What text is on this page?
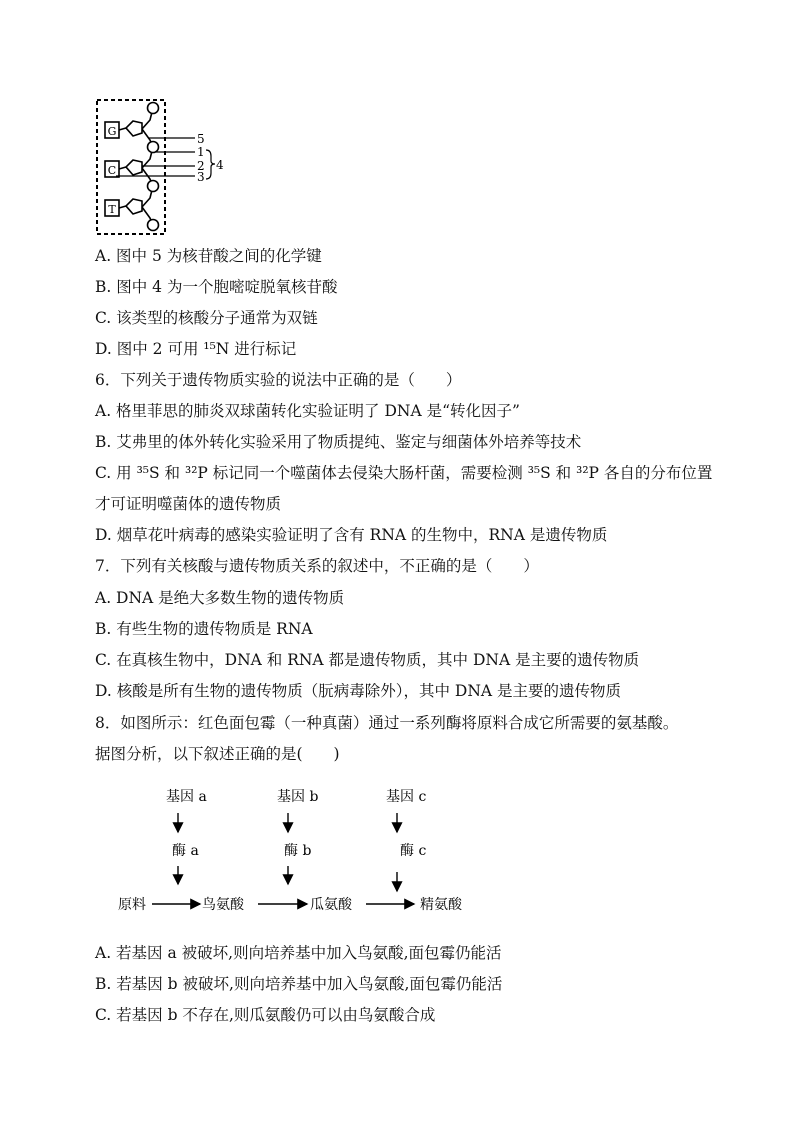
G
C
T
5
1
2
3
4
A. 图中 5 为核苷酸之间的化学键
B. 图中 4 为一个胞嘧啶脱氧核苷酸
C. 该类型的核酸分子通常为双链
D. 图中 2 可用 ¹⁵N 进行标记
6．下列关于遗传物质实验的说法中正确的是（　　）
A. 格里菲思的肺炎双球菌转化实验证明了 DNA 是“转化因子”
B. 艾弗里的体外转化实验采用了物质提纯、鉴定与细菌体外培养等技术
C. 用 ³⁵S 和 ³²P 标记同一个噬菌体去侵染大肠杆菌，需要检测 ³⁵S 和 ³²P 各自的分布位置
才可证明噬菌体的遗传物质
D. 烟草花叶病毒的感染实验证明了含有 RNA 的生物中，RNA 是遗传物质
7．下列有关核酸与遗传物质关系的叙述中，不正确的是（　　）
A. DNA 是绝大多数生物的遗传物质
B. 有些生物的遗传物质是 RNA
C. 在真核生物中，DNA 和 RNA 都是遗传物质，其中 DNA 是主要的遗传物质
D. 核酸是所有生物的遗传物质（朊病毒除外），其中 DNA 是主要的遗传物质
8．如图所示：红色面包霉（一种真菌）通过一系列酶将原料合成它所需要的氨基酸。
据图分析，以下叙述正确的是(　　)
基因 a	基因 b	基因 c
酶 a	酶 b	酶 c
原料	鸟氨酸	瓜氨酸	精氨酸
A. 若基因 a 被破坏,则向培养基中加入鸟氨酸,面包霉仍能活
B. 若基因 b 被破坏,则向培养基中加入鸟氨酸,面包霉仍能活
C. 若基因 b 不存在,则瓜氨酸仍可以由鸟氨酸合成
